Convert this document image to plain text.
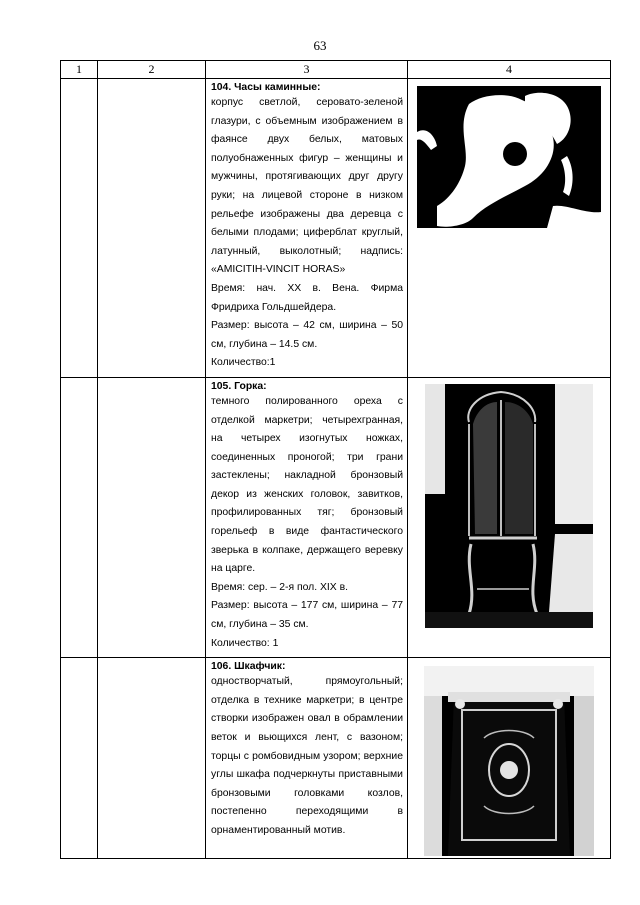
63
1	2	3	4

		104. Часы каминные:
корпус светлой, серовато-зеленой глазури, с объемным изображением в фаянсе двух белых, матовых полуобнаженных фигур – женщины и мужчины, протягивающих друг другу руки; на лицевой стороне в низком рельефе изображены два деревца с белыми плодами; циферблат круглый, латунный, выколотный; надпись: «AMICITIH-VINCIT HORAS»
Время: нач. XX в. Вена. Фирма Фридриха Гольдшейдера.
Размер: высота – 42 см, ширина – 50 см, глубина – 14.5 см.
Количество:1

		105. Горка:
темного полированного ореха с отделкой маркетри; четырехгранная, на четырех изогнутых ножках, соединенных проногой; три грани застеклены; накладной бронзовый декор из женских головок, завитков, профилированных тяг; бронзовый горельеф в виде фантастического зверька в колпаке, держащего веревку на царге.
Время: сер. – 2-я пол. XIX в.
Размер: высота – 177 см, ширина – 77 см, глубина – 35 см.
Количество: 1

		106. Шкафчик:
одностворчатый, прямоугольный; отделка в технике маркетри; в центре створки изображен овал в обрамлении веток и вьющихся лент, с вазоном; торцы с ромбовидным узором; верхние углы шкафа подчеркнуты приставными бронзовыми головками козлов, постепенно переходящими в орнаментированный мотив.
